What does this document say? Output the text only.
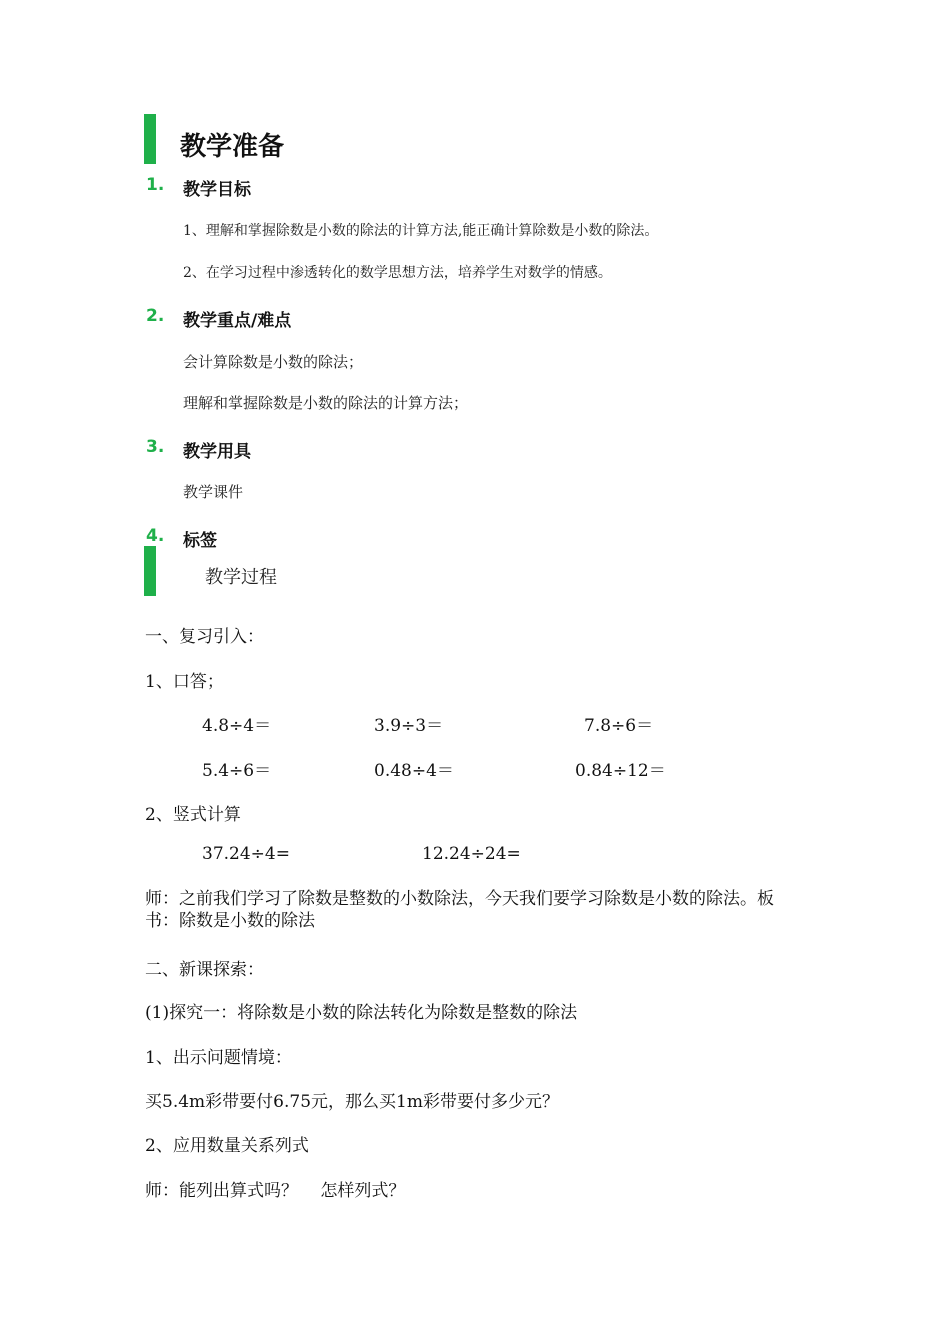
教学准备
1. 教学目标
1、理解和掌握除数是小数的除法的计算方法,能正确计算除数是小数的除法。
2、在学习过程中渗透转化的数学思想方法，培养学生对数学的情感。
2. 教学重点/难点
会计算除数是小数的除法；
理解和掌握除数是小数的除法的计算方法；
3. 教学用具
教学课件
4. 标签
教学过程
一、复习引入：
1、口答；
4.8÷4＝	3.9÷3＝	7.8÷6＝
5.4÷6＝	0.48÷4＝	0.84÷12＝
2、竖式计算
37.24÷4=	12.24÷24=
师：之前我们学习了除数是整数的小数除法，今天我们要学习除数是小数的除法。板书：除数是小数的除法
二、新课探索：
(1)探究一：将除数是小数的除法转化为除数是整数的除法
1、出示问题情境：
买5.4m彩带要付6.75元，那么买1m彩带要付多少元？
2、应用数量关系列式
师：能列出算式吗？　 怎样列式？
